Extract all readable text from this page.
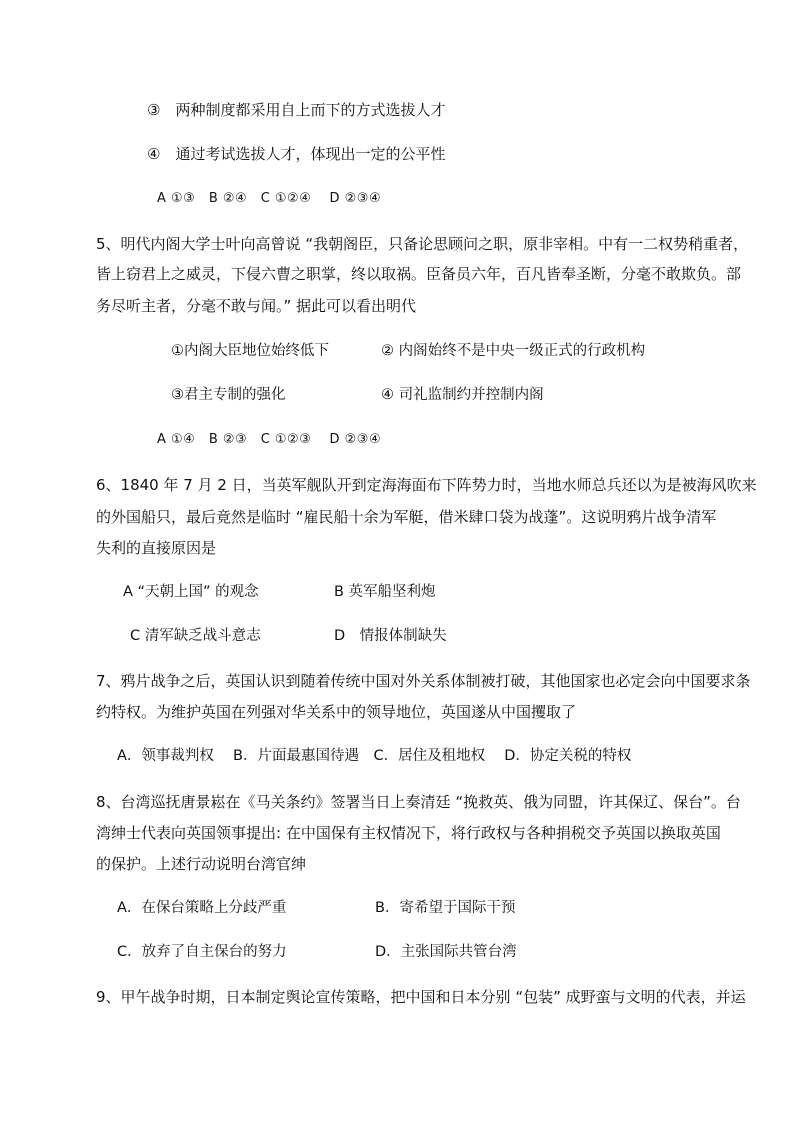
③　两种制度都采用自上而下的方式选拔人才
④　通过考试选拔人才，体现出一定的公平性
A ①③　B ②④　C ①②④　 D ②③④
5、明代内阁大学士叶向高曾说 “我朝阁臣，只备论思顾问之职，原非宰相。中有一二权势稍重者，
皆上窃君上之威灵，下侵六曹之职掌，终以取祸。臣备员六年，百凡皆奉圣断，分毫不敢欺负。部
务尽听主者，分毫不敢与闻。” 据此可以看出明代
①内阁大臣地位始终低下	② 内阁始终不是中央一级正式的行政机构
③君主专制的强化	④ 司礼监制约并控制内阁
A ①④　B ②③　C ①②③　 D ②③④
6、1840 年 7 月 2 日，当英军舰队开到定海海面布下阵势力时，当地水师总兵还以为是被海风吹来
的外国船只，最后竟然是临时 “雇民船十余为军艇，借米肆口袋为战蓬”。这说明鸦片战争清军
失利的直接原因是
A “天朝上国” 的观念	B 英军船坚利炮
C 清军缺乏战斗意志	D　情报体制缺失
7、鸦片战争之后，英国认识到随着传统中国对外关系体制被打破，其他国家也必定会向中国要求条
约特权。为维护英国在列强对华关系中的领导地位，英国遂从中国攫取了
A．领事裁判权　 B．片面最惠国待遇　C．居住及租地权　 D．协定关税的特权
8、台湾巡抚唐景崧在《马关条约》签署当日上奏清廷 “挽救英、俄为同盟，许其保辽、保台”。台
湾绅士代表向英国领事提出: 在中国保有主权情况下，将行政权与各种捐税交予英国以换取英国
的保护。上述行动说明台湾官绅
A．在保台策略上分歧严重	B．寄希望于国际干预
C．放弃了自主保台的努力	D．主张国际共管台湾
9、甲午战争时期，日本制定舆论宣传策略，把中国和日本分别 “包装” 成野蛮与文明的代表，并运
